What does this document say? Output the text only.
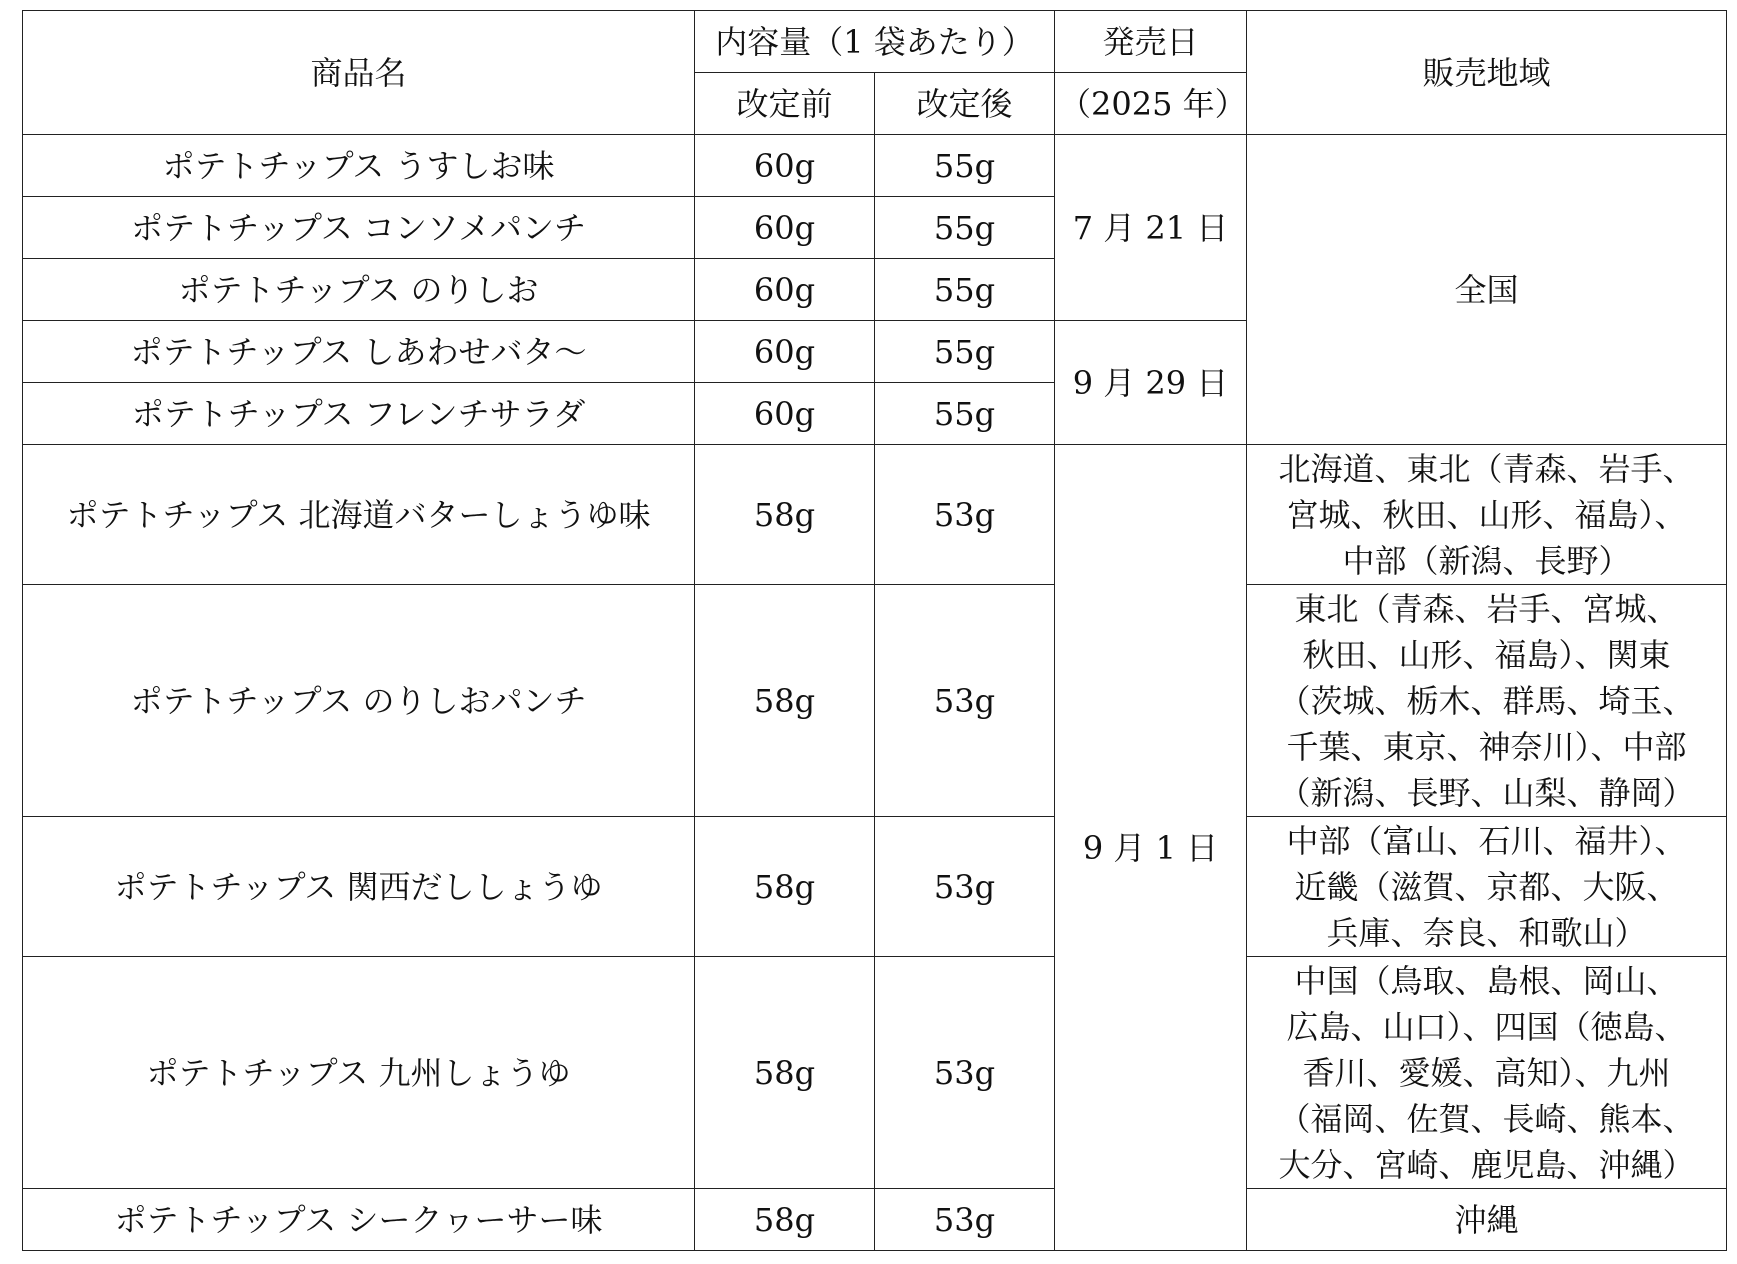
商品名	内容量（1 袋あたり）		発売日	販売地域
	改定前	改定後	（2025 年）	
ポテトチップス うすしお味	60g	55g	7 月 21 日	全国
ポテトチップス コンソメパンチ	60g	55g		
ポテトチップス のりしお	60g	55g		
ポテトチップス しあわせバタ～	60g	55g	9 月 29 日	
ポテトチップス フレンチサラダ	60g	55g		
ポテトチップス 北海道バターしょうゆ味	58g	53g	9 月 1 日	北海道、東北（青森、岩手、
宮城、秋田、山形、福島）、
中部（新潟、長野）

ポテトチップス のりしおパンチ	58g	53g		東北（青森、岩手、宮城、
秋田、山形、福島）、関東
（茨城、栃木、群馬、埼玉、
千葉、東京、神奈川）、中部
（新潟、長野、山梨、静岡）

ポテトチップス 関西だししょうゆ	58g	53g		中部（富山、石川、福井）、
近畿（滋賀、京都、大阪、
兵庫、奈良、和歌山）

ポテトチップス 九州しょうゆ	58g	53g		中国（鳥取、島根、岡山、
広島、山口）、四国（徳島、
香川、愛媛、高知）、九州
（福岡、佐賀、長崎、熊本、
大分、宮崎、鹿児島、沖縄）

ポテトチップス シークヮーサー味	58g	53g		沖縄
